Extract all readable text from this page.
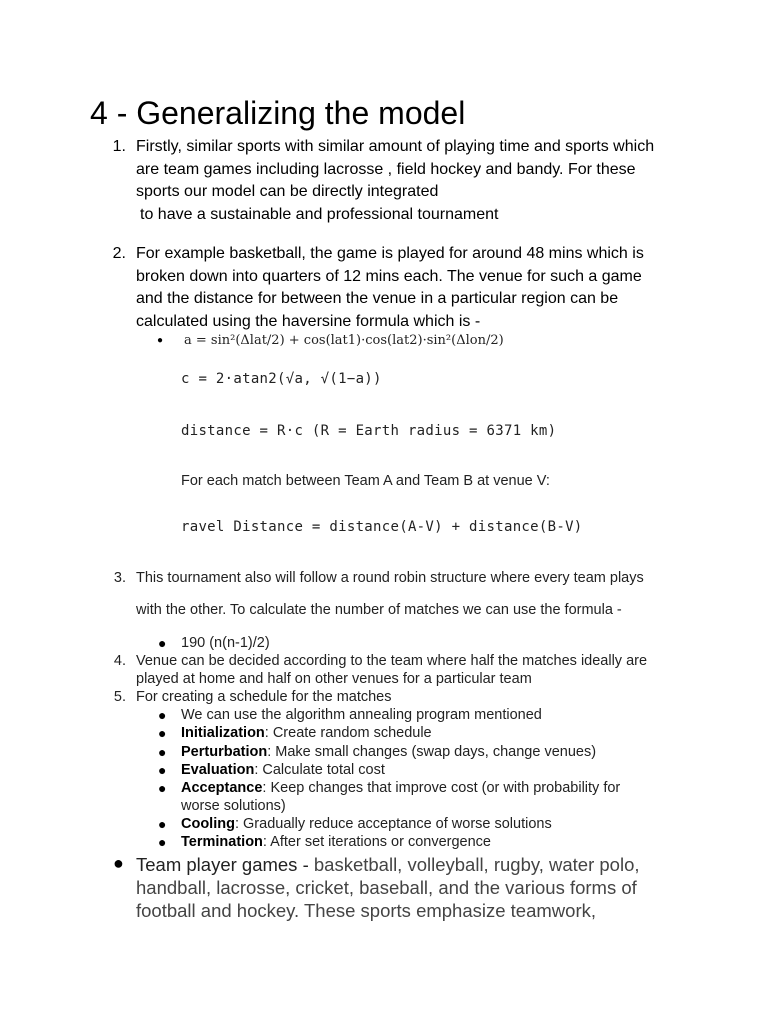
4 - Generalizing the model
1. Firstly, similar sports with similar amount of playing time and sports which
are team games including lacrosse , field hockey and bandy. For these
sports our model can be directly integrated
to have a sustainable and professional tournament
2. For example basketball, the game is played for around 48 mins which is
broken down into quarters of 12 mins each. The venue for such a game
and the distance for between the venue in a particular region can be
calculated using the haversine formula which is -
● a = sin²(Δlat/2) + cos(lat1)·cos(lat2)·sin²(Δlon/2)
c = 2·atan2(√a, √(1−a))
distance = R·c (R = Earth radius = 6371 km)
For each match between Team A and Team B at venue V:
ravel Distance = distance(A-V) + distance(B-V)
3. This tournament also will follow a round robin structure where every team plays
with the other. To calculate the number of matches we can use the formula -
● 190 (n(n-1)/2)
4. Venue can be decided according to the team where half the matches ideally are
played at home and half on other venues for a particular team
5. For creating a schedule for the matches
● We can use the algorithm annealing program mentioned
● Initialization: Create random schedule
● Perturbation: Make small changes (swap days, change venues)
● Evaluation: Calculate total cost
● Acceptance: Keep changes that improve cost (or with probability for
worse solutions)
● Cooling: Gradually reduce acceptance of worse solutions
● Termination: After set iterations or convergence
● Team player games - basketball, volleyball, rugby, water polo,
handball, lacrosse, cricket, baseball, and the various forms of
football and hockey. These sports emphasize teamwork,
